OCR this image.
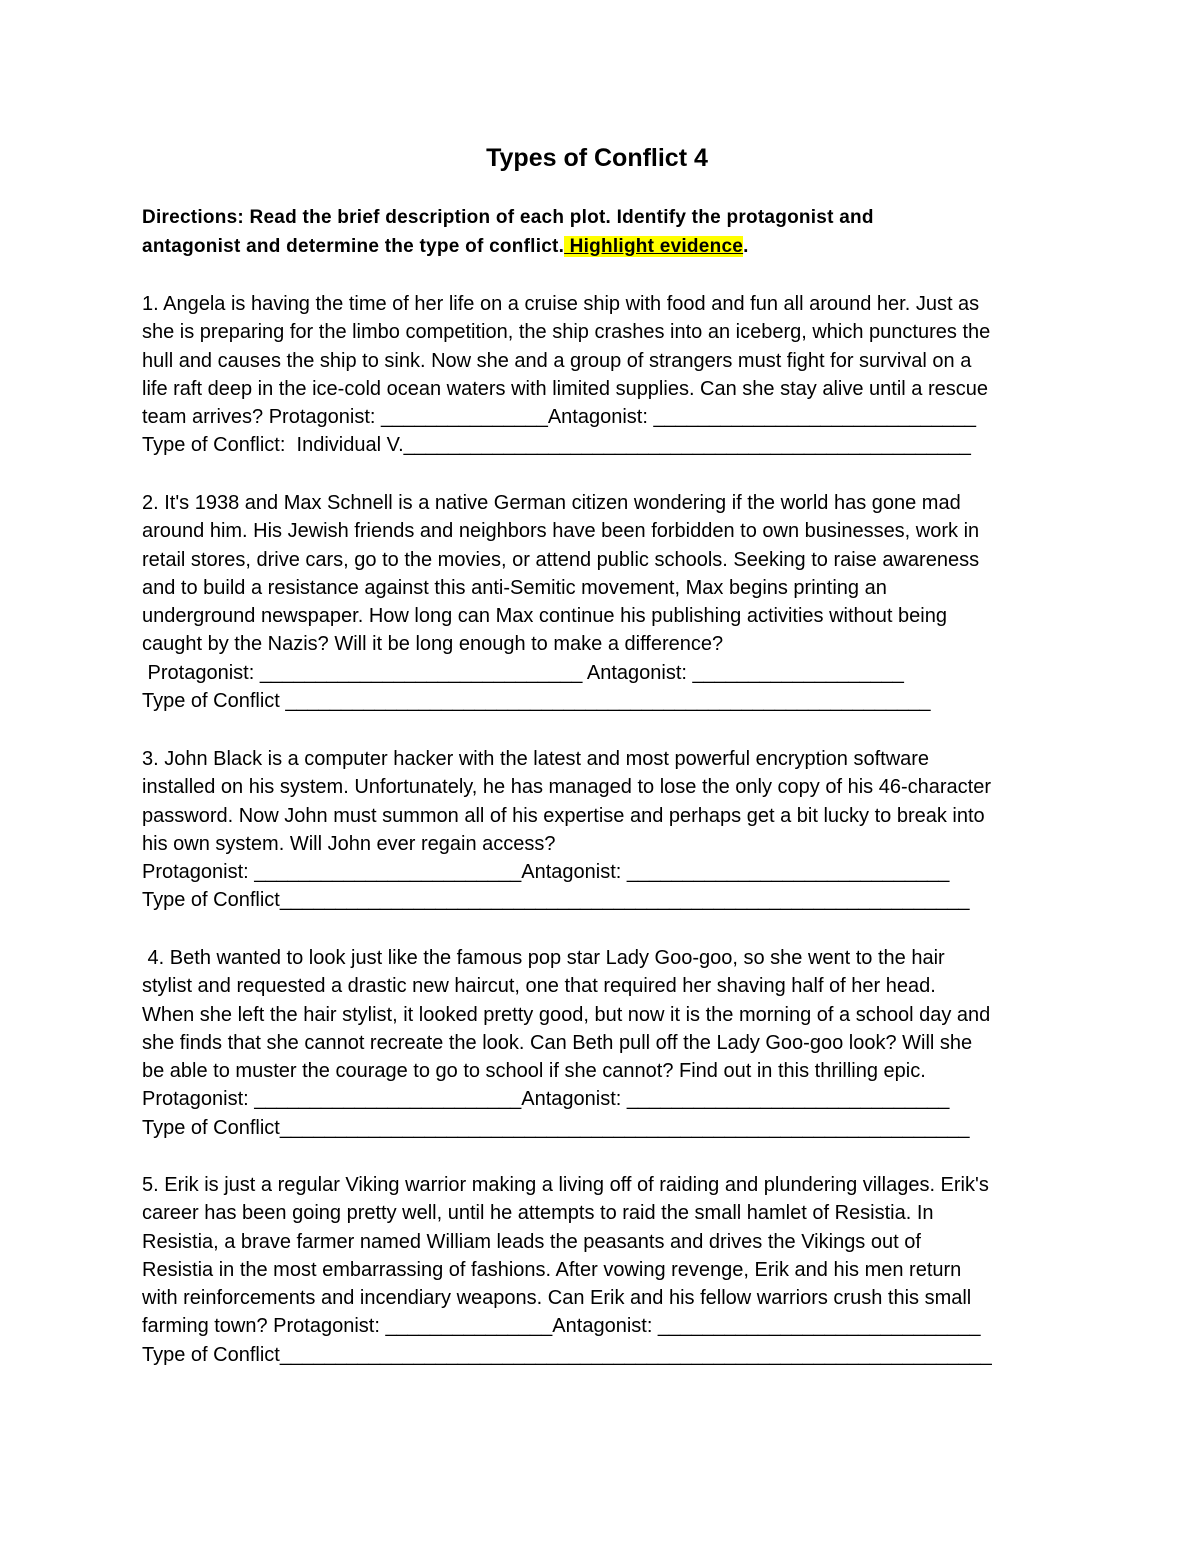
Types of Conflict 4
Directions: Read the brief description of each plot. Identify the protagonist and
antagonist and determine the type of conflict. Highlight evidence.
1. Angela is having the time of her life on a cruise ship with food and fun all around her. Just as
she is preparing for the limbo competition, the ship crashes into an iceberg, which punctures the
hull and causes the ship to sink. Now she and a group of strangers must fight for survival on a
life raft deep in the ice-cold ocean waters with limited supplies. Can she stay alive until a rescue
team arrives? Protagonist: _______________Antagonist: _____________________________
Type of Conflict:  Individual V.___________________________________________________
2. It's 1938 and Max Schnell is a native German citizen wondering if the world has gone mad
around him. His Jewish friends and neighbors have been forbidden to own businesses, work in
retail stores, drive cars, go to the movies, or attend public schools. Seeking to raise awareness
and to build a resistance against this anti-Semitic movement, Max begins printing an
underground newspaper. How long can Max continue his publishing activities without being
caught by the Nazis? Will it be long enough to make a difference?
Protagonist: _____________________________ Antagonist: ___________________
Type of Conflict __________________________________________________________
3. John Black is a computer hacker with the latest and most powerful encryption software
installed on his system. Unfortunately, he has managed to lose the only copy of his 46-character
password. Now John must summon all of his expertise and perhaps get a bit lucky to break into
his own system. Will John ever regain access?
Protagonist: ________________________Antagonist: _____________________________
Type of Conflict______________________________________________________________
4. Beth wanted to look just like the famous pop star Lady Goo-goo, so she went to the hair
stylist and requested a drastic new haircut, one that required her shaving half of her head.
When she left the hair stylist, it looked pretty good, but now it is the morning of a school day and
she finds that she cannot recreate the look. Can Beth pull off the Lady Goo-goo look? Will she
be able to muster the courage to go to school if she cannot? Find out in this thrilling epic.
Protagonist: ________________________Antagonist: _____________________________
Type of Conflict______________________________________________________________
5. Erik is just a regular Viking warrior making a living off of raiding and plundering villages. Erik's
career has been going pretty well, until he attempts to raid the small hamlet of Resistia. In
Resistia, a brave farmer named William leads the peasants and drives the Vikings out of
Resistia in the most embarrassing of fashions. After vowing revenge, Erik and his men return
with reinforcements and incendiary weapons. Can Erik and his fellow warriors crush this small
farming town? Protagonist: _______________Antagonist: _____________________________
Type of Conflict________________________________________________________________
